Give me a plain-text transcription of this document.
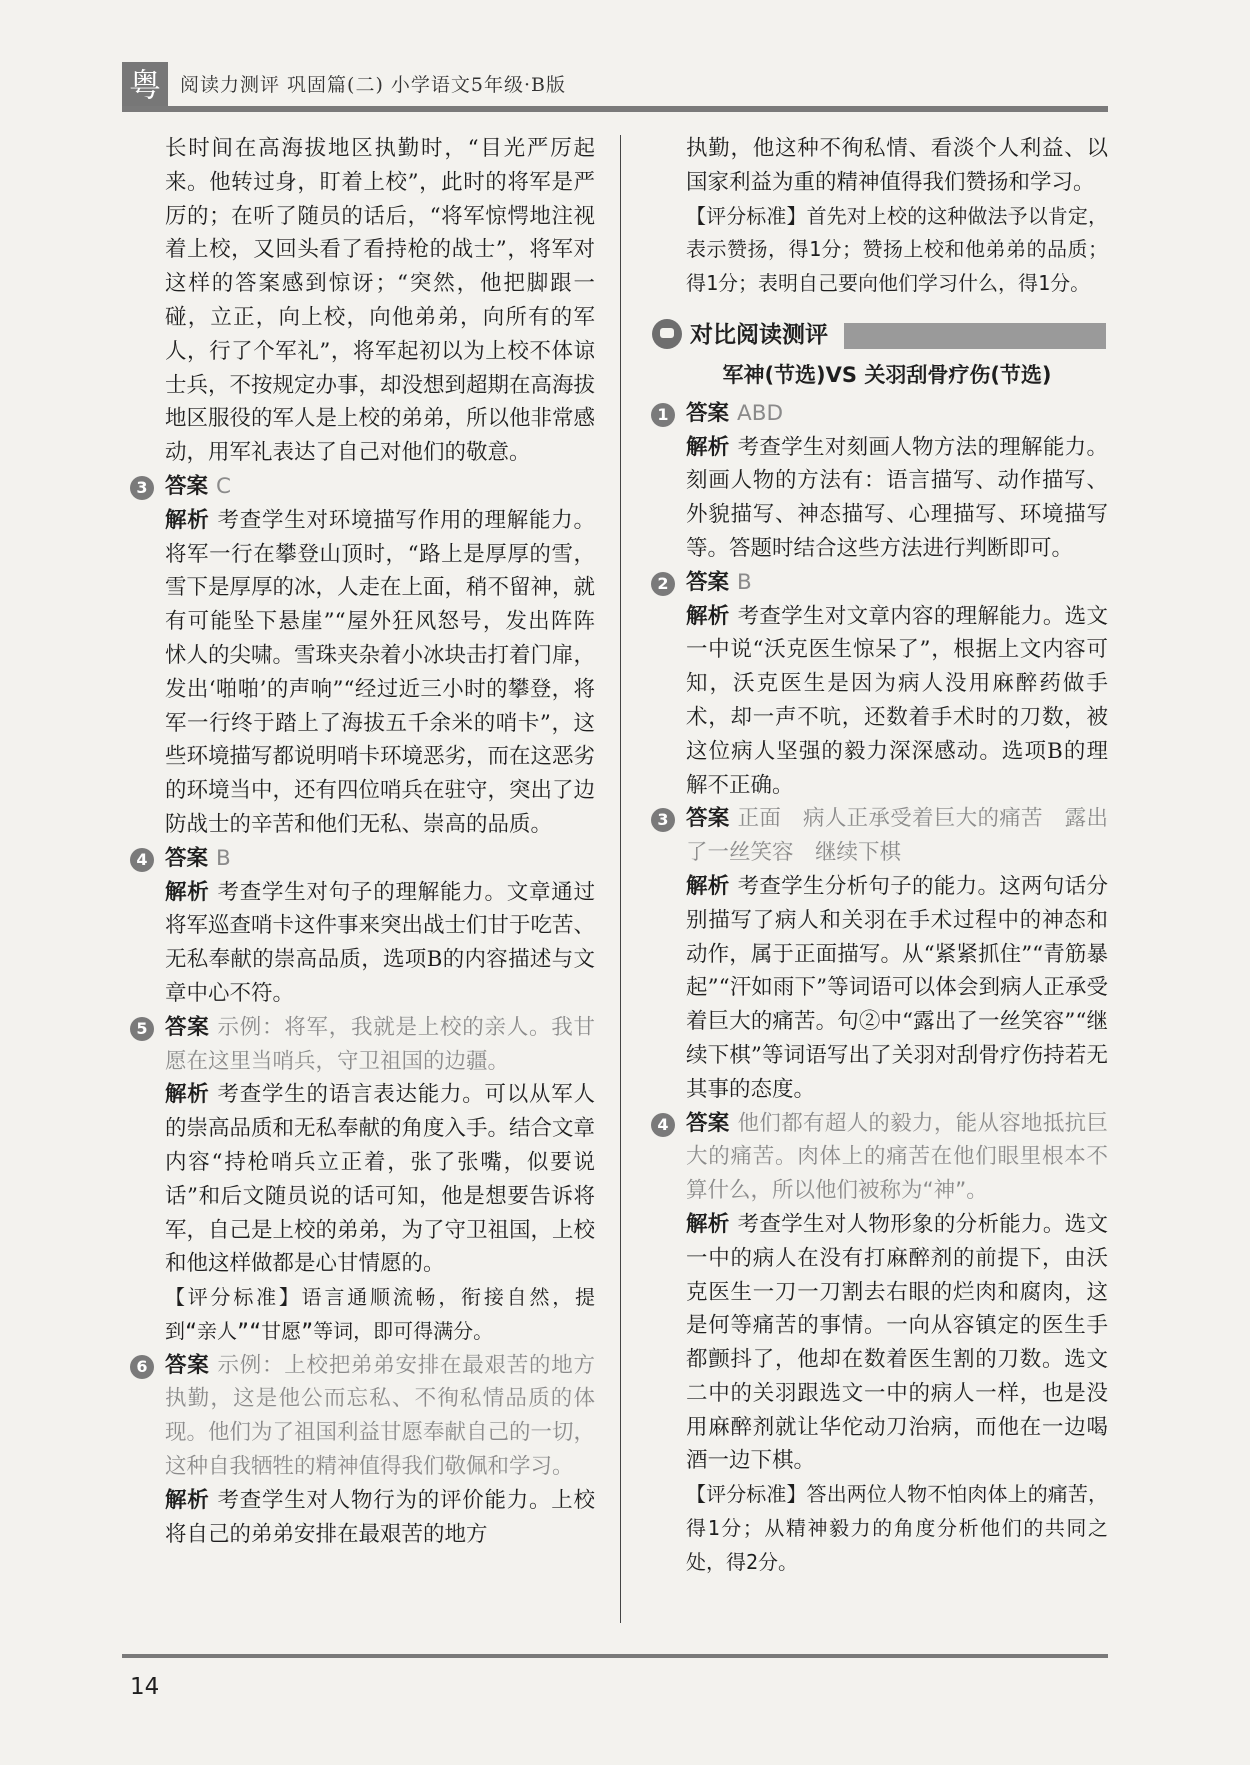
粤	阅读力测评 巩固篇(二) 小学语文5年级·B版

长时间在高海拔地区执勤时，“目光严厉起来。他转过身，盯着上校”，此时的将军是严厉的；在听了随员的话后，“将军惊愕地注视着上校，又回头看了看持枪的战士”，将军对这样的答案感到惊讶；“突然，他把脚跟一碰，立正，向上校，向他弟弟，向所有的军人，行了个军礼”，将军起初以为上校不体谅士兵，不按规定办事，却没想到超期在高海拔地区服役的军人是上校的弟弟，所以他非常感动，用军礼表达了自己对他们的敬意。

3 答案 C

解析 考查学生对环境描写作用的理解能力。将军一行在攀登山顶时，“路上是厚厚的雪，雪下是厚厚的冰，人走在上面，稍不留神，就有可能坠下悬崖”“屋外狂风怒号，发出阵阵怵人的尖啸。雪珠夹杂着小冰块击打着门扉，发出‘啪啪’的声响”“经过近三小时的攀登，将军一行终于踏上了海拔五千余米的哨卡”，这些环境描写都说明哨卡环境恶劣，而在这恶劣的环境当中，还有四位哨兵在驻守，突出了边防战士的辛苦和他们无私、崇高的品质。

4 答案 B

解析 考查学生对句子的理解能力。文章通过将军巡查哨卡这件事来突出战士们甘于吃苦、无私奉献的崇高品质，选项B的内容描述与文章中心不符。

5 答案 示例：将军，我就是上校的亲人。我甘愿在这里当哨兵，守卫祖国的边疆。

解析 考查学生的语言表达能力。可以从军人的崇高品质和无私奉献的角度入手。结合文章内容“持枪哨兵立正着，张了张嘴，似要说话”和后文随员说的话可知，他是想要告诉将军，自己是上校的弟弟，为了守卫祖国，上校和他这样做都是心甘情愿的。

【评分标准】语言通顺流畅，衔接自然，提到“亲人”“甘愿”等词，即可得满分。

6 答案 示例：上校把弟弟安排在最艰苦的地方执勤，这是他公而忘私、不徇私情品质的体现。他们为了祖国利益甘愿奉献自己的一切，这种自我牺牲的精神值得我们敬佩和学习。

解析 考查学生对人物行为的评价能力。上校将自己的弟弟安排在最艰苦的地方

执勤，他这种不徇私情、看淡个人利益、以国家利益为重的精神值得我们赞扬和学习。

【评分标准】首先对上校的这种做法予以肯定，表示赞扬，得1分；赞扬上校和他弟弟的品质；得1分；表明自己要向他们学习什么，得1分。

对比阅读测评

军神(节选)VS 关羽刮骨疗伤(节选)

1 答案 ABD

解析 考查学生对刻画人物方法的理解能力。刻画人物的方法有：语言描写、动作描写、外貌描写、神态描写、心理描写、环境描写等。答题时结合这些方法进行判断即可。

2 答案 B

解析 考查学生对文章内容的理解能力。选文一中说“沃克医生惊呆了”，根据上文内容可知，沃克医生是因为病人没用麻醉药做手术，却一声不吭，还数着手术时的刀数，被这位病人坚强的毅力深深感动。选项B的理解不正确。

3 答案 正面　病人正承受着巨大的痛苦　露出了一丝笑容　继续下棋

解析 考查学生分析句子的能力。这两句话分别描写了病人和关羽在手术过程中的神态和动作，属于正面描写。从“紧紧抓住”“青筋暴起”“汗如雨下”等词语可以体会到病人正承受着巨大的痛苦。句②中“露出了一丝笑容”“继续下棋”等词语写出了关羽对刮骨疗伤持若无其事的态度。

4 答案 他们都有超人的毅力，能从容地抵抗巨大的痛苦。肉体上的痛苦在他们眼里根本不算什么，所以他们被称为“神”。

解析 考查学生对人物形象的分析能力。选文一中的病人在没有打麻醉剂的前提下，由沃克医生一刀一刀割去右眼的烂肉和腐肉，这是何等痛苦的事情。一向从容镇定的医生手都颤抖了，他却在数着医生割的刀数。选文二中的关羽跟选文一中的病人一样，也是没用麻醉剂就让华佗动刀治病，而他在一边喝酒一边下棋。

【评分标准】答出两位人物不怕肉体上的痛苦，得1分；从精神毅力的角度分析他们的共同之处，得2分。

14
